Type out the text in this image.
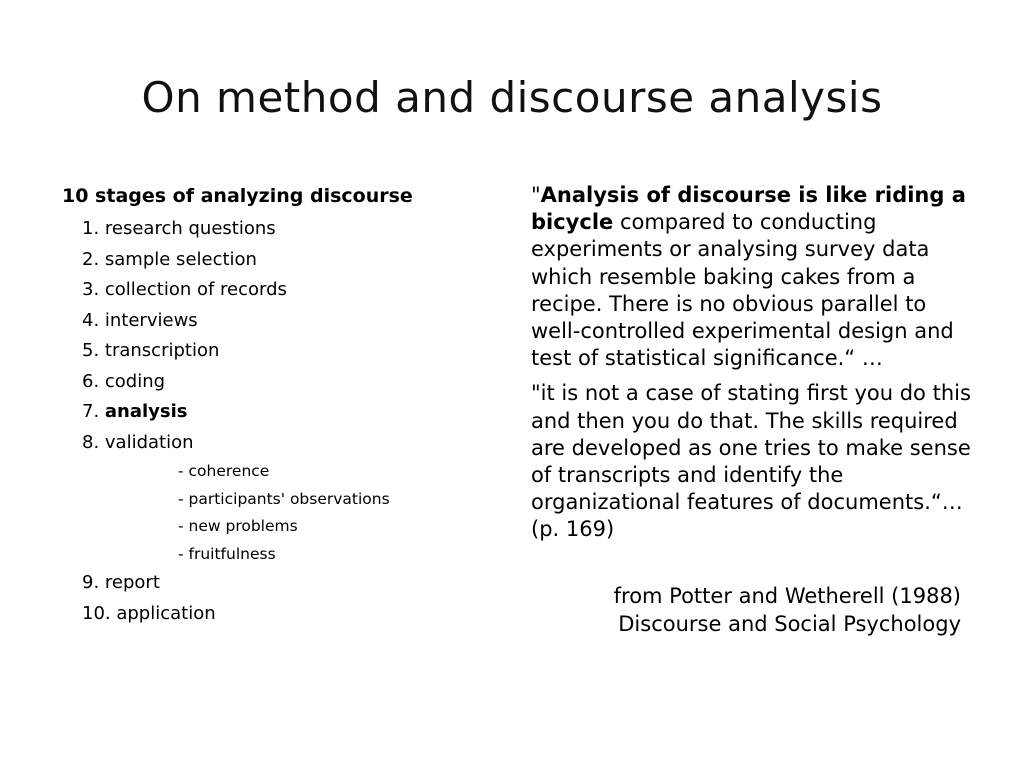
On method and discourse analysis
10 stages of analyzing discourse
1. research questions
2. sample selection
3. collection of records
4. interviews
5. transcription
6. coding
7. analysis
8. validation
- coherence
- participants' observations
- new problems
- fruitfulness
9. report
10. application

"Analysis of discourse is like riding a bicycle compared to conducting experiments or analysing survey data which resemble baking cakes from a recipe. There is no obvious parallel to well-controlled experimental design and test of statistical significance.“ …

"it is not a case of stating first you do this and then you do that. The skills required are developed as one tries to make sense of transcripts and identify the organizational features of documents.“…(p. 169)

from Potter and Wetherell (1988)
Discourse and Social Psychology
